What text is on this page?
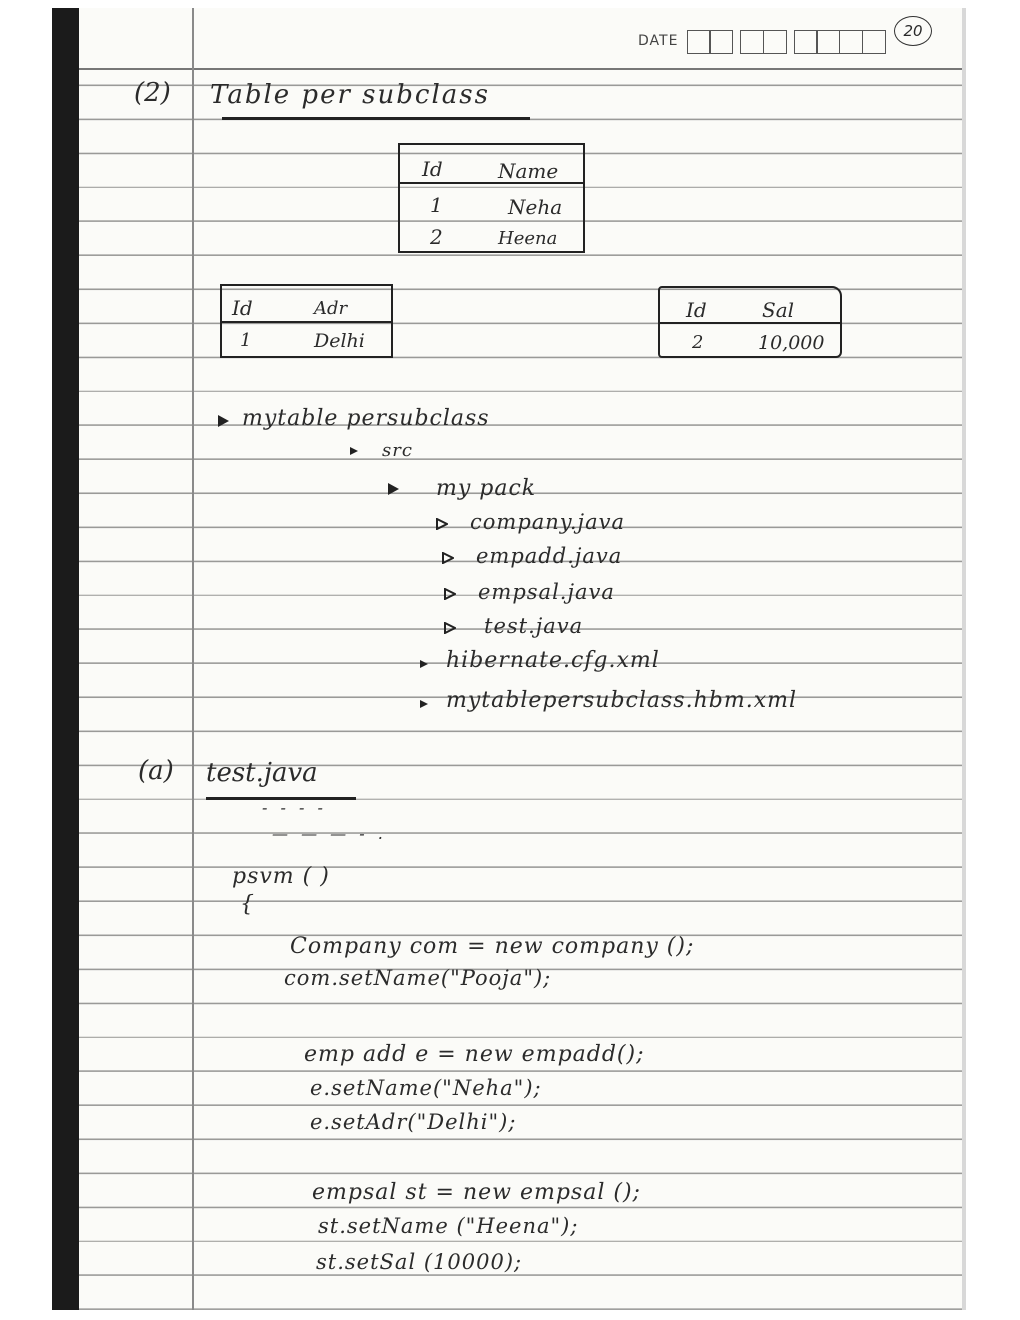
DATE
20
(2) Table per subclass
Id	Name
1	Neha
2	Heena
Id	Adr
1	Delhi
Id	Sal
2	10,000
mytable persubclass
src
my pack
company.java
empadd.java
empsal.java
test.java
hibernate.cfg.xml
mytablepersubclass.hbm.xml
(a) test.java
- - - -
— — — - .
psvm ( )
{
Company com = new company ();
com.setName("Pooja");
emp add e = new empadd();
e.setName("Neha");
e.setAdr("Delhi");
empsal st = new empsal ();
st.setName ("Heena");
st.setSal (10000);
